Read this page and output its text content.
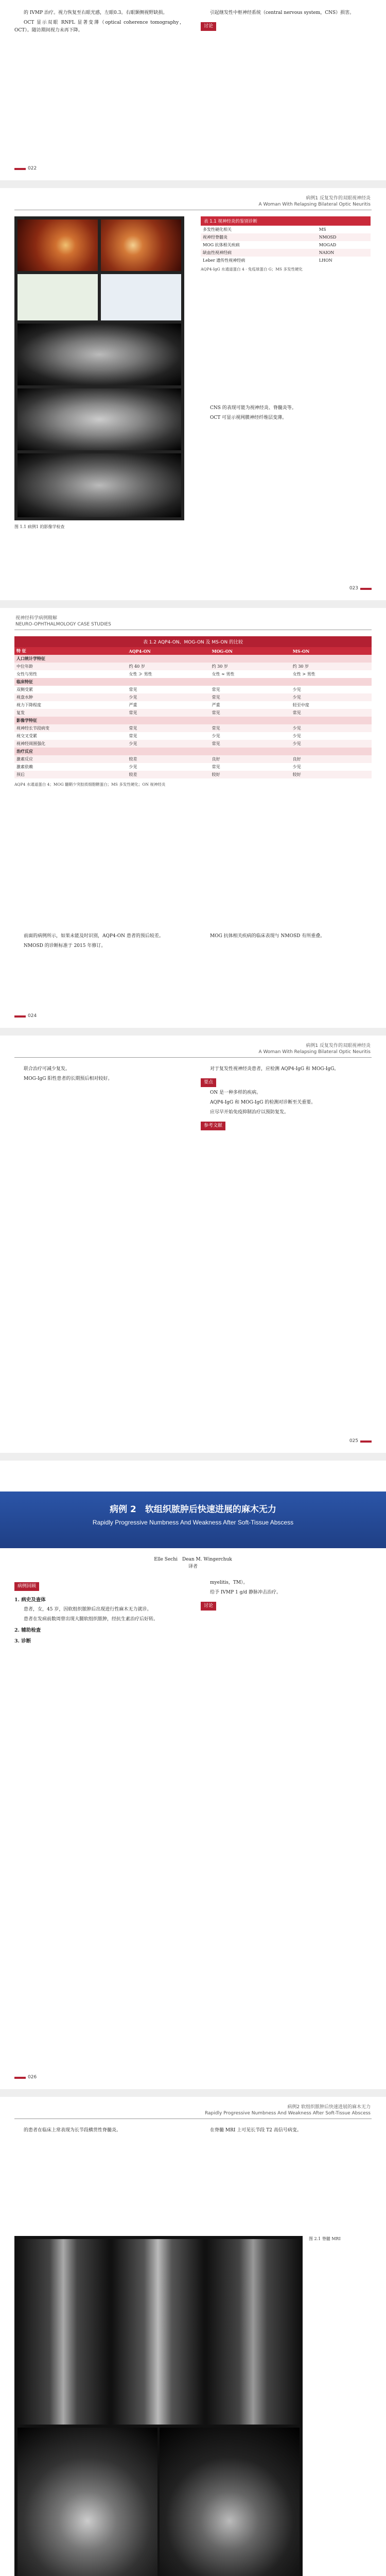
的 IVMP 治疗。视力恢复至右眼光感，左眼0.3。右眼颞侧视野缺损。

OCT 显示双眼 RNFL 显著变薄（optical coherence tomography，OCT）。随访期间视力未再下降。

引起继发性中枢神经系统（central nervous system，CNS）损害。

讨论
022
病例1 反复发作的双眼视神经炎
A Woman With Relapsing Bilateral Optic Neuritis
图 1.1 病例1 的影像学检查
表 1.1 视神经炎的鉴别诊断
多发性硬化相关	MS
视神经脊髓炎	NMOSD
MOG 抗体相关疾病	MOGAD
缺血性视神经病	NAION
Leber 遗传性视神经病	LHON
AQP4-IgG 水通道蛋白 4 · 免疫球蛋白 G；MS 多发性硬化

CNS 的表现可能为视神经炎、脊髓炎等。

OCT 可显示视网膜神经纤维层变薄。

023
视神经科学病例精解
NEURO-OPHTHALMOLOGY CASE STUDIES
表 1.2 AQP4-ON、MOG-ON 及 MS-ON 的比较
特 征	AQP4-ON	MOG-ON	MS-ON
人口统计学特征			
中位年龄	约 40 岁	约 30 岁	约 30 岁
女性与男性	女性 ≫ 男性	女性 ≈ 男性	女性 > 男性
临床特征			
双侧受累	常见	常见	少见
视盘水肿	少见	常见	少见
视力下降程度	严重	严重	轻至中度
复发	常见	常见	常见
影像学特征			
视神经长节段病变	常见	常见	少见
视交叉受累	常见	少见	少见
视神经周围强化	少见	常见	少见
治疗反应			
激素反应	较差	良好	良好
激素依赖	少见	常见	少见
预后	较差	较好	较好
AQP4 水通道蛋白 4；MOG 髓鞘少突胶质细胞糖蛋白；MS 多发性硬化；ON 视神经炎

前面的病例所示，如果未能及时识别，AQP4-ON 患者的预后较差。

NMOSD 的诊断标准于 2015 年修订。

MOG 抗体相关疾病的临床表现与 NMOSD 有所重叠。

024
病例1 反复发作的双眼视神经炎
A Woman With Relapsing Bilateral Optic Neuritis

联合治疗可减少复发。

MOG-IgG 阳性患者的长期预后相对较好。

对于复发性视神经炎患者，应检测 AQP4-IgG 和 MOG-IgG。

要点

ON 是一种多样的疾病。

AQP4-IgG 和 MOG-IgG 的检测对诊断至关重要。

应尽早开始免疫抑制治疗以预防复发。

参考文献
025
病例 2　软组织脓肿后快速进展的麻木无力
Rapidly Progressive Numbness And Weakness After Soft-Tissue Abscess
Elle Sechi　Dean M. Wingerchuk
译者
病例回顾
1. 病史及查体

患者，女，45 岁，因软组织脓肿后出现进行性麻木无力就诊。

患者在发病前数周曾出现大腿软组织脓肿，经抗生素治疗后好转。

2. 辅助检查
3. 诊断

myelitis，TM）。

给予 IVMP 1 g/d 静脉冲击治疗。

讨论
026
病例2 软组织脓肿后快速进展的麻木无力
Rapidly Progressive Numbness And Weakness After Soft-Tissue Abscess

的患者在临床上常表现为长节段横贯性脊髓炎。	在脊髓 MRI 上可见长节段 T2 高信号病变。

图 2.1 脊髓 MRI
